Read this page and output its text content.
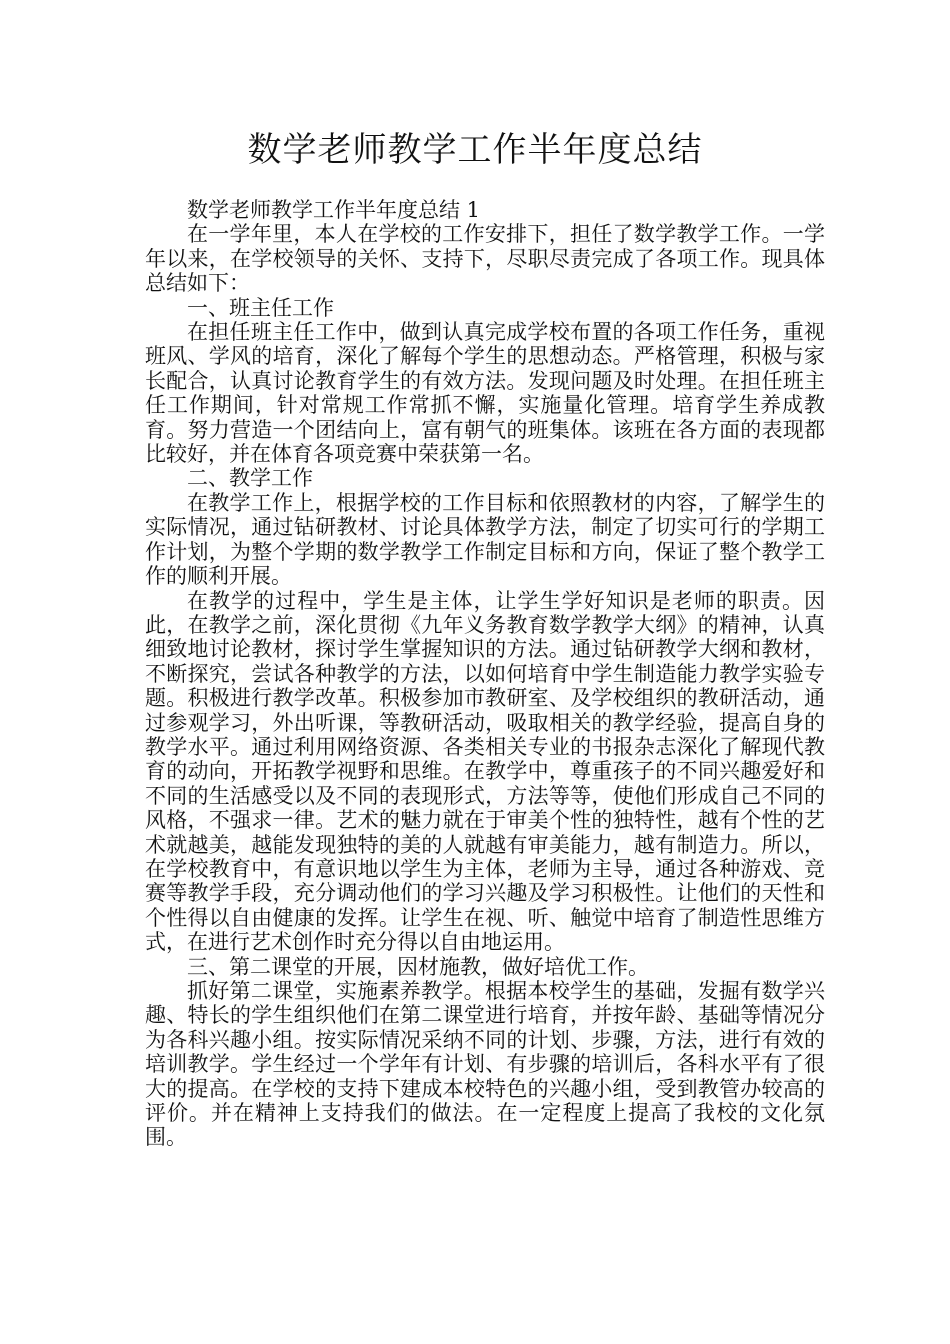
数学老师教学工作半年度总结

数学老师教学工作半年度总结 1

在一学年里，本人在学校的工作安排下，担任了数学教学工作。一学年以来，在学校领导的关怀、支持下，尽职尽责完成了各项工作。现具体总结如下：

一、班主任工作

在担任班主任工作中，做到认真完成学校布置的各项工作任务，重视班风、学风的培育，深化了解每个学生的思想动态。严格管理，积极与家长配合，认真讨论教育学生的有效方法。发现问题及时处理。在担任班主任工作期间，针对常规工作常抓不懈，实施量化管理。培育学生养成教育。努力营造一个团结向上，富有朝气的班集体。该班在各方面的表现都比较好，并在体育各项竞赛中荣获第一名。

二、教学工作

在教学工作上，根据学校的工作目标和依照教材的内容，了解学生的实际情况，通过钻研教材、讨论具体教学方法，制定了切实可行的学期工作计划，为整个学期的数学教学工作制定目标和方向，保证了整个教学工作的顺利开展。

在教学的过程中，学生是主体，让学生学好知识是老师的职责。因此，在教学之前，深化贯彻《九年义务教育数学教学大纲》的精神，认真细致地讨论教材，探讨学生掌握知识的方法。通过钻研教学大纲和教材，不断探究，尝试各种教学的方法，以如何培育中学生制造能力教学实验专题。积极进行教学改革。积极参加市教研室、及学校组织的教研活动，通过参观学习，外出听课，等教研活动，吸取相关的教学经验，提高自身的教学水平。通过利用网络资源、各类相关专业的书报杂志深化了解现代教育的动向，开拓教学视野和思维。在教学中，尊重孩子的不同兴趣爱好和不同的生活感受以及不同的表现形式，方法等等，使他们形成自己不同的风格，不强求一律。艺术的魅力就在于审美个性的独特性，越有个性的艺术就越美，越能发现独特的美的人就越有审美能力，越有制造力。所以，在学校教育中，有意识地以学生为主体，老师为主导，通过各种游戏、竞赛等教学手段，充分调动他们的学习兴趣及学习积极性。让他们的天性和个性得以自由健康的发挥。让学生在视、听、触觉中培育了制造性思维方式，在进行艺术创作时充分得以自由地运用。

三、第二课堂的开展，因材施教，做好培优工作。

抓好第二课堂，实施素养教学。根据本校学生的基础，发掘有数学兴趣、特长的学生组织他们在第二课堂进行培育，并按年龄、基础等情况分为各科兴趣小组。按实际情况采纳不同的计划、步骤，方法，进行有效的培训教学。学生经过一个学年有计划、有步骤的培训后，各科水平有了很大的提高。在学校的支持下建成本校特色的兴趣小组，受到教管办较高的评价。并在精神上支持我们的做法。在一定程度上提高了我校的文化氛围。
